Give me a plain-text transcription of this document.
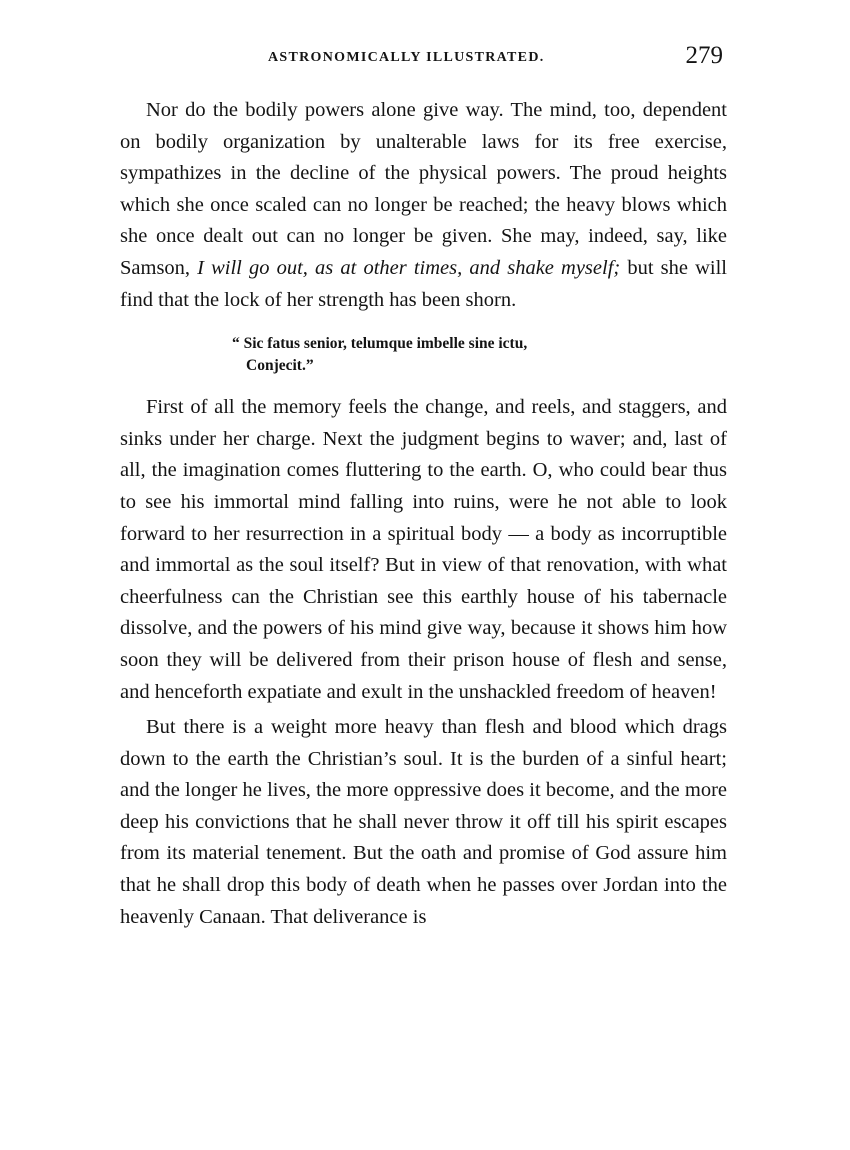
ASTRONOMICALLY ILLUSTRATED.	279

Nor do the bodily powers alone give way. The mind, too, dependent on bodily organization by unalterable laws for its free exercise, sympathizes in the decline of the physical powers. The proud heights which she once scaled can no longer be reached; the heavy blows which she once dealt out can no longer be given. She may, indeed, say, like Samson, I will go out, as at other times, and shake myself; but she will find that the lock of her strength has been shorn.

“ Sic fatus senior, telumque imbelle sine ictu,
Conjecit.”

First of all the memory feels the change, and reels, and staggers, and sinks under her charge. Next the judgment begins to waver; and, last of all, the imagination comes fluttering to the earth. O, who could bear thus to see his immortal mind falling into ruins, were he not able to look forward to her resurrection in a spiritual body — a body as incorruptible and immortal as the soul itself? But in view of that renovation, with what cheerfulness can the Christian see this earthly house of his tabernacle dissolve, and the powers of his mind give way, because it shows him how soon they will be delivered from their prison house of flesh and sense, and henceforth expatiate and exult in the unshackled freedom of heaven!

But there is a weight more heavy than flesh and blood which drags down to the earth the Christian’s soul. It is the burden of a sinful heart; and the longer he lives, the more oppressive does it become, and the more deep his convictions that he shall never throw it off till his spirit escapes from its material tenement. But the oath and promise of God assure him that he shall drop this body of death when he passes over Jordan into the heavenly Canaan. That deliverance is
